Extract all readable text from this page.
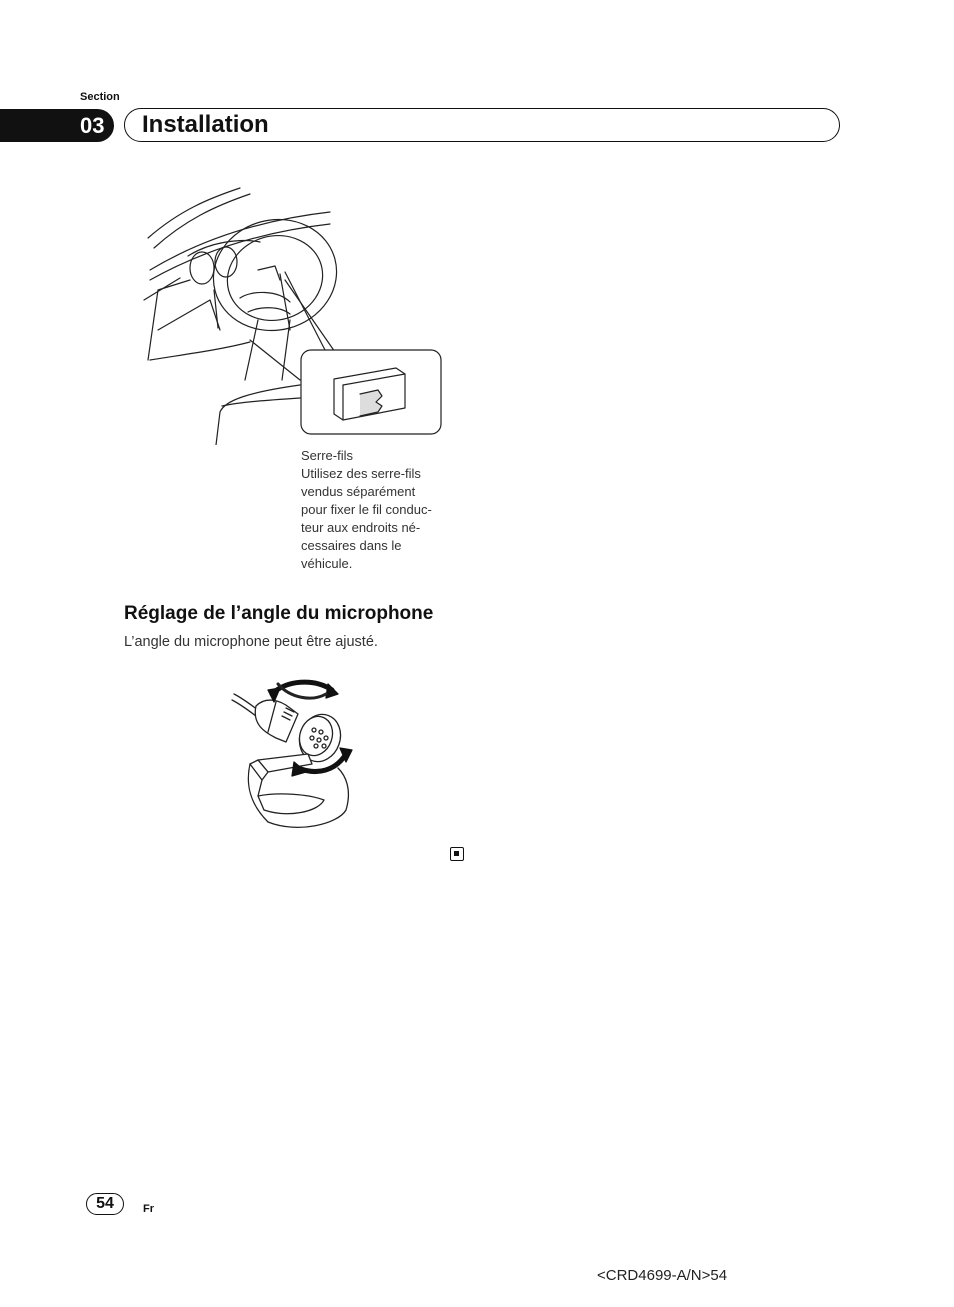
Section
03 Installation
Serre-fils
Utilisez des serre-fils
vendus séparément
pour fixer le fil conduc-
teur aux endroits né-
cessaires dans le
véhicule.
Réglage de l’angle du microphone
L’angle du microphone peut être ajusté.
54	Fr
<CRD4699-A/N>54
